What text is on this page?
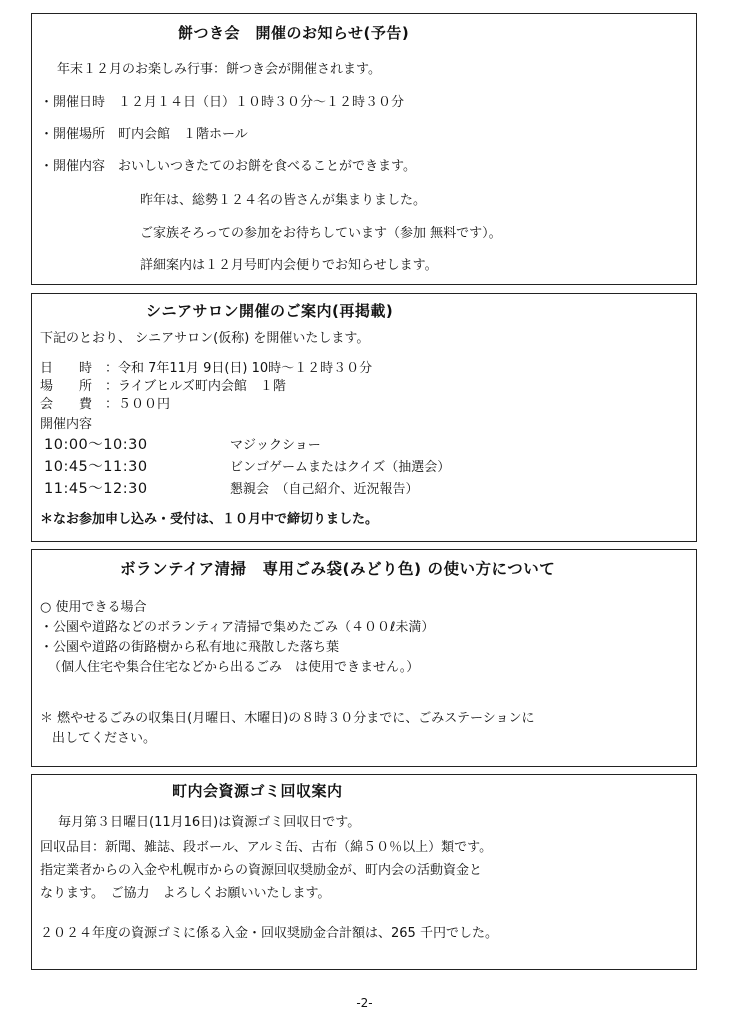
餅つき会　開催のお知らせ(予告)
年末１２月のお楽しみ行事：餅つき会が開催されます。
・開催日時　１２月１４日（日）１０時３０分～１２時３０分
・開催場所　町内会館　１階ホール
・開催内容　おいしいつきたてのお餅を食べることができます。
昨年は、総勢１２４名の皆さんが集まりました。
ご家族そろっての参加をお待ちしています（参加 無料です）。
詳細案内は１２月号町内会便りでお知らせします。
シニアサロン開催のご案内(再掲載)
下記のとおり、 シニアサロン(仮称) を開催いたします。
日　　時　：令和 7年11月 9日(日) 10時～１２時３０分
場　　所　：ライブヒルズ町内会館　１階
会　　費　：５００円
開催内容
10:00～10:30	マジックショー
10:45～11:30	ビンゴゲームまたはクイズ（抽選会）
11:45～12:30	懇親会　（自己紹介、近況報告）
＊なお参加申し込み・受付は、１０月中で締切りました。
ボランテイア清掃　専用ごみ袋(みどり色) の使い方について
○ 使用できる場合
・公園や道路などのボランティア清掃で集めたごみ（４００ℓ未満）
・公園や道路の街路樹から私有地に飛散した落ち葉
（個人住宅や集合住宅などから出るごみ　は使用できません。）
＊ 燃やせるごみの収集日(月曜日、木曜日)の８時３０分までに、ごみステーションに
出してください。
町内会資源ゴミ回収案内
毎月第３日曜日(11月16日)は資源ゴミ回収日です。
回収品目：新聞、雑誌、段ボール、アルミ缶、古布（綿５０％以上）類です。
指定業者からの入金や札幌市からの資源回収奨励金が、町内会の活動資金と
なります。　ご協力　よろしくお願いいたします。
２０２４年度の資源ゴミに係る入金・回収奨励金合計額は、265 千円でした。
-2-
